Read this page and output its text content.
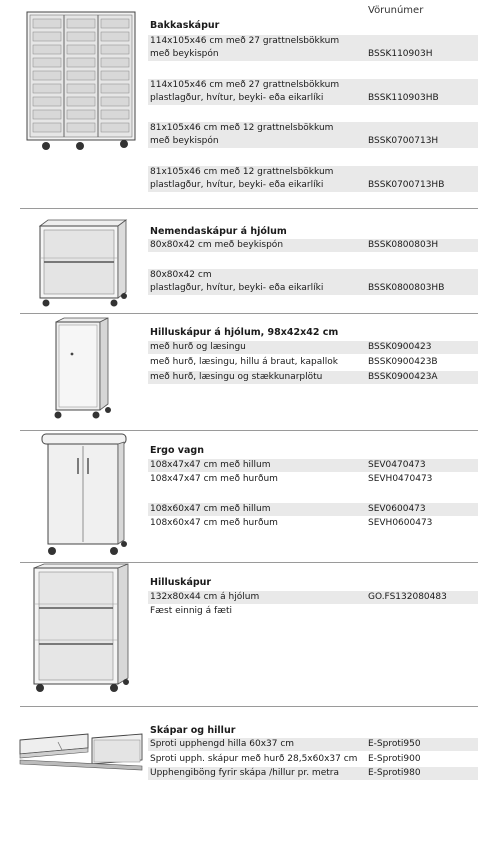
Vörunúmer
Bakkaskápur
114x105x46 cm með 27 grattnelsbökkum
með beykispón	BSSK110903H
114x105x46 cm með 27 grattnelsbökkum
plastlagður, hvítur, beyki- eða eikarlíki	BSSK110903HB
81x105x46 cm með 12 grattnelsbökkum
með beykispón	BSSK0700713H
81x105x46 cm með 12 grattnelsbökkum
plastlagður, hvítur, beyki- eða eikarlíki	BSSK0700713HB
Nemendaskápur á hjólum
80x80x42 cm með beykispón	BSSK0800803H
80x80x42 cm
plastlagður, hvítur, beyki- eða eikarlíki	BSSK0800803HB
Hilluskápur á hjólum, 98x42x42 cm
með hurð og læsingu	BSSK0900423
með hurð, læsingu, hillu á braut, kapallok	BSSK0900423B
með hurð, læsingu og stækkunarplötu	BSSK0900423A
Ergo vagn
108x47x47 cm með hillum	SEV0470473
108x47x47 cm með hurðum	SEVH0470473
108x60x47 cm með hillum	SEV0600473
108x60x47 cm með hurðum	SEVH0600473
Hilluskápur
132x80x44 cm á hjólum	GO.FS132080483
Fæst einnig á fæti
Skápar og hillur
Sproti upphengd hilla 60x37 cm	E-Sproti950
Sproti upph. skápur með hurð 28,5x60x37 cm	E-Sproti900
Upphengiböng fyrir skápa /hillur pr. metra	E-Sproti980
